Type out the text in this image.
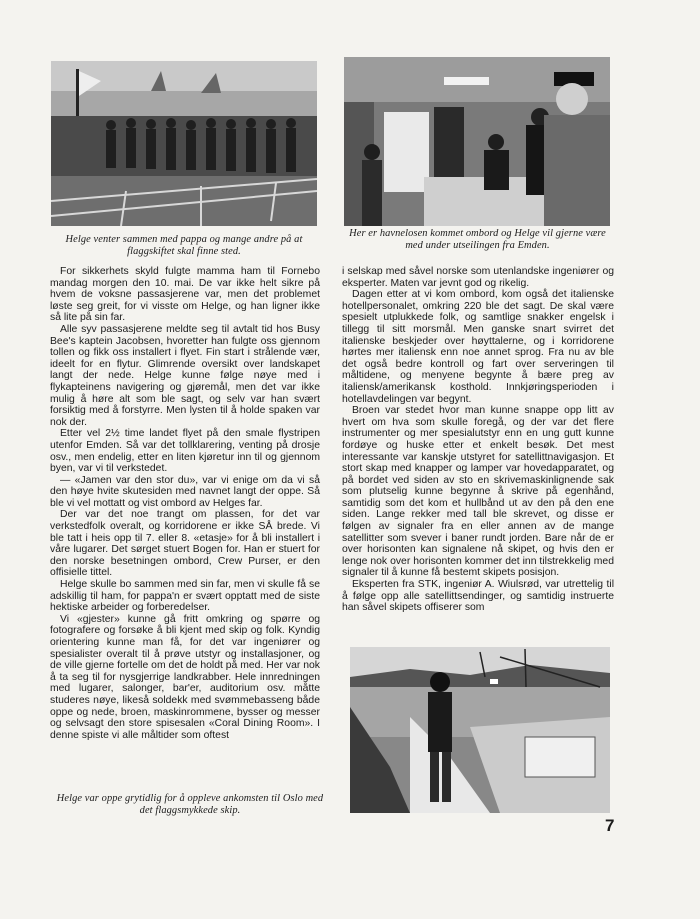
Helge venter sammen med pappa og mange andre på at flaggskiftet skal finne sted.
Her er havnelosen kommet ombord og Helge vil gjerne være med under utseilingen fra Emden.

For sikkerhets skyld fulgte mamma ham til Fornebo mandag morgen den 10. mai. De var ikke helt sikre på hvem de voksne passasjerene var, men det problemet løste seg greit, for vi visste om Helge, og han ligner ikke så lite på sin far.

Alle syv passasjerene meldte seg til avtalt tid hos Busy Bee's kaptein Jacobsen, hvoretter han fulgte oss gjennom tollen og fikk oss installert i flyet. Fin start i strålende vær, ideelt for en flytur. Glimrende oversikt over landskapet langt der nede. Helge kunne følge nøye med i flykapteinens navigering og gjøremål, men det var ikke mulig å høre alt som ble sagt, og selv var han svært forsiktig med å forstyrre. Men lysten til å holde spaken var nok der.

Etter vel 2½ time landet flyet på den smale flystripen utenfor Emden. Så var det tollklarering, venting på drosje osv., men endelig, etter en liten kjøretur inn til og gjennom byen, var vi til verkstedet.

— «Jamen var den stor du», var vi enige om da vi så den høye hvite skutesiden med navnet langt der oppe. Så ble vi vel mottatt og vist ombord av Helges far.

Der var det noe trangt om plassen, for det var verkstedfolk overalt, og korridorene er ikke SÅ brede. Vi ble tatt i heis opp til 7. eller 8. «etasje» for å bli installert i våre lugarer. Det sørget stuert Bogen for. Han er stuert for den norske besetningen ombord, Crew Purser, er den offisielle tittel.

Helge skulle bo sammen med sin far, men vi skulle få se adskillig til ham, for pappa'n er svært opptatt med de siste hektiske arbeider og forberedelser.

Vi «gjester» kunne gå fritt omkring og spørre og fotografere og forsøke å bli kjent med skip og folk. Kyndig orientering kunne man få, for det var ingeniører og spesialister overalt til å prøve utstyr og installasjoner, og de ville gjerne fortelle om det de holdt på med. Her var nok å ta seg til for nysgjerrige landkrabber. Hele innredningen med lugarer, salonger, bar'er, auditorium osv. måtte studeres nøye, likeså soldekk med svømmebasseng både oppe og nede, broen, maskinrommene, bysser og messer og selvsagt den store spisesalen «Coral Dining Room». I denne spiste vi alle måltider som oftest

Helge var oppe grytidlig for å oppleve ankomsten til Oslo med det flaggsmykkede skip.

i selskap med såvel norske som utenlandske ingeniører og eksperter. Maten var jevnt god og rikelig.

Dagen etter at vi kom ombord, kom også det italienske hotellpersonalet, omkring 220 ble det sagt. De skal være spesielt utplukkede folk, og samtlige snakker engelsk i tillegg til sitt morsmål. Men ganske snart svirret det italienske beskjeder over høyttalerne, og i korridorene hørtes mer italiensk enn noe annet sprog. Fra nu av ble det også bedre kontroll og fart over serveringen til måltidene, og menyene begynte å bære preg av italiensk/amerikansk kosthold. Innkjøringsperioden i hotellavdelingen var begynt.

Broen var stedet hvor man kunne snappe opp litt av hvert om hva som skulle foregå, og der var det flere instrumenter og mer spesialutstyr enn en ung gutt kunne fordøye og huske etter et enkelt besøk. Det mest interessante var kanskje utstyret for satellittnavigasjon. Et stort skap med knapper og lamper var hovedapparatet, og på bordet ved siden av sto en skrivemaskinlignende sak som plutselig kunne begynne å skrive på egenhånd, samtidig som det kom et hullbånd ut av den på den ene siden. Lange rekker med tall ble skrevet, og disse er følgen av signaler fra en eller annen av de mange satellitter som svever i baner rundt jorden. Bare når de er over horisonten kan signalene nå skipet, og hvis den er lenge nok over horisonten kommer det inn tilstrekkelig med signaler til å kunne få bestemt skipets posisjon.

Eksperten fra STK, ingeniør A. Wiulsrød, var utrettelig til å følge opp alle satellittsendinger, og samtidig instruerte han såvel skipets offiserer som

7
